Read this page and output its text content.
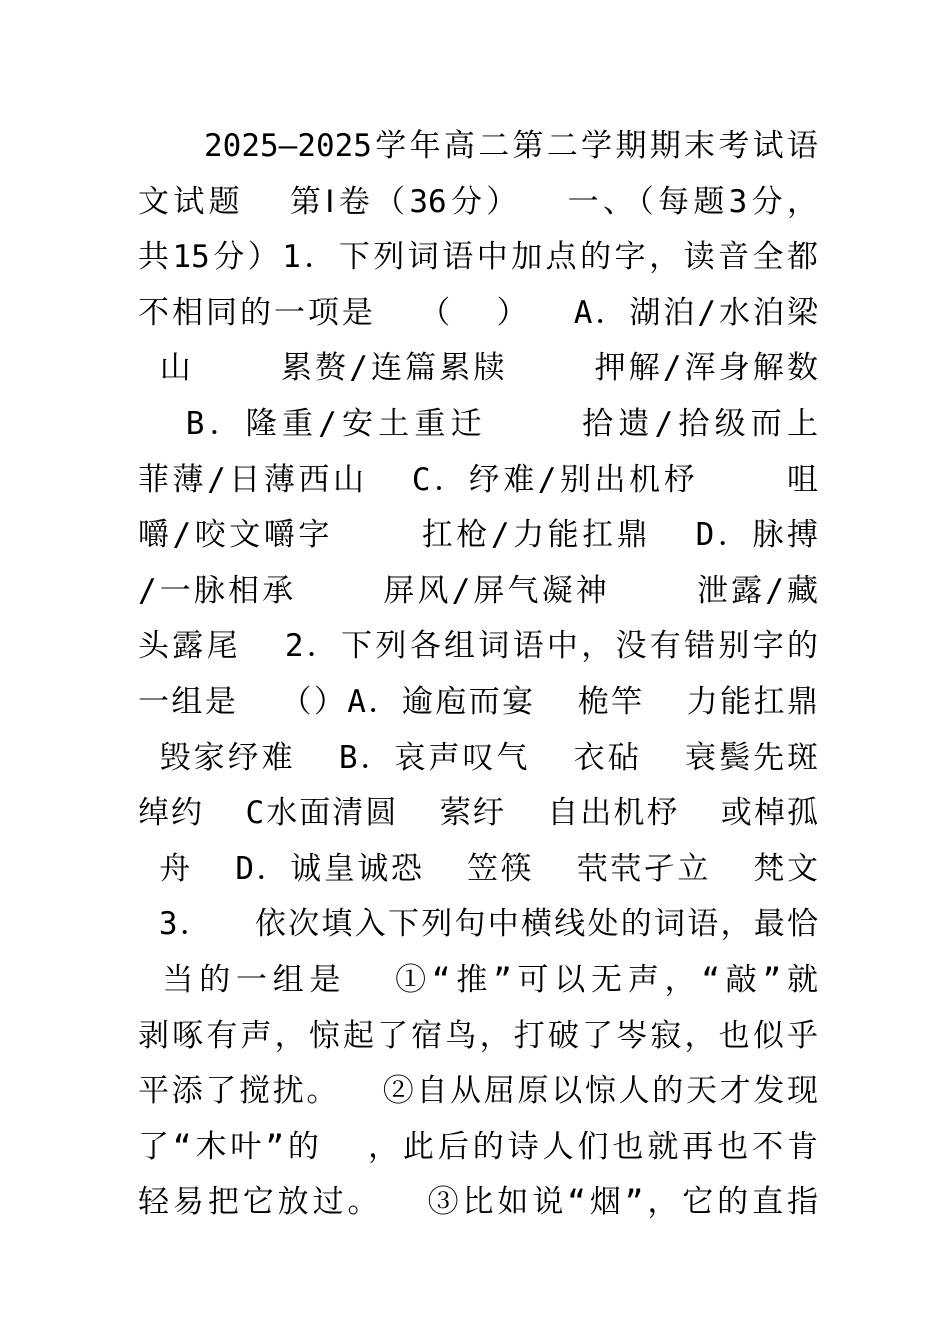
2025—2025学年高二第二学期期末考试语
文试题  第Ⅰ卷（36分）  一、（每题3分，
共15分）1．下列词语中加点的字，读音全都
不相同的一项是  （  ）  A．湖泊/水泊梁
山    累赘/连篇累牍    押解/浑身解数
B．隆重/安土重迁    拾遗/拾级而上
菲薄/日薄西山  C．纾难/别出机杼    咀
嚼/咬文嚼字    扛枪/力能扛鼎  D．脉搏
/一脉相承    屏风/屏气凝神    泄露/藏
头露尾  2．下列各组词语中，没有错别字的
一组是  （）A．逾庖而宴  桅竿  力能扛鼎
毁家纾难  B．哀声叹气  衣砧  衰鬓先斑
绰约  C水面清圆  萦纡  自出机杼  或棹孤
舟  D．诚皇诚恐  笠筷  茕茕孑立  梵文
3．  依次填入下列句中横线处的词语，最恰
当的一组是  ①“推”可以无声，“敲”就
剥啄有声，惊起了宿鸟，打破了岑寂，也似乎
平添了搅扰。  ②自从屈原以惊人的天才发现
了“木叶”的  ，此后的诗人们也就再也不肯
轻易把它放过。  ③比如说“烟”，它的直指
